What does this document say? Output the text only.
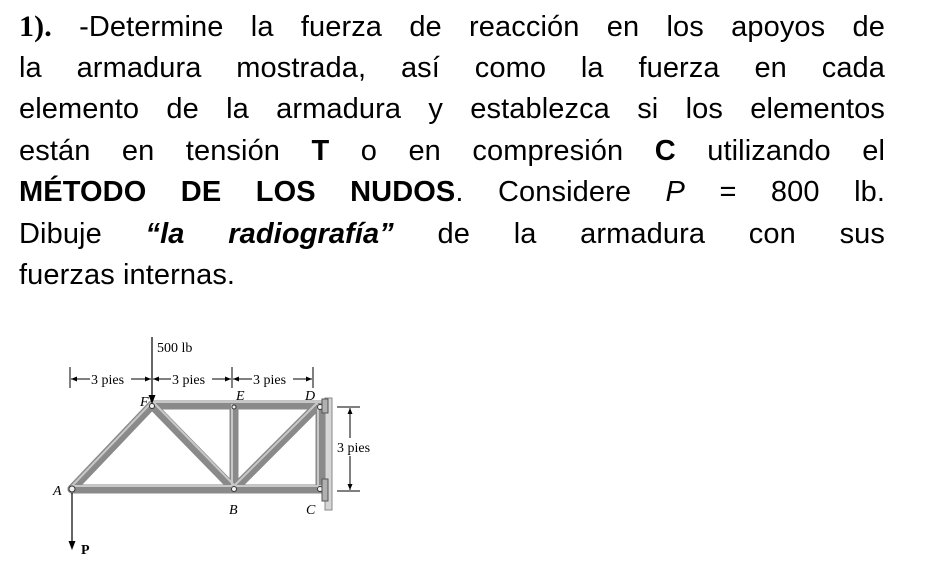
1). -Determine la fuerza de reacción en los apoyos de
la armadura mostrada, así como la fuerza en cada
elemento de la armadura y establezca si los elementos
están en tensión T o en compresión C utilizando el
MÉTODO DE LOS NUDOS. Considere P = 800 lb.
Dibuje “la radiografía” de la armadura con sus
fuerzas internas.
3 pies	3 pies	3 pies
3 pies
500 lb
P
A
B	C
D
E
F
